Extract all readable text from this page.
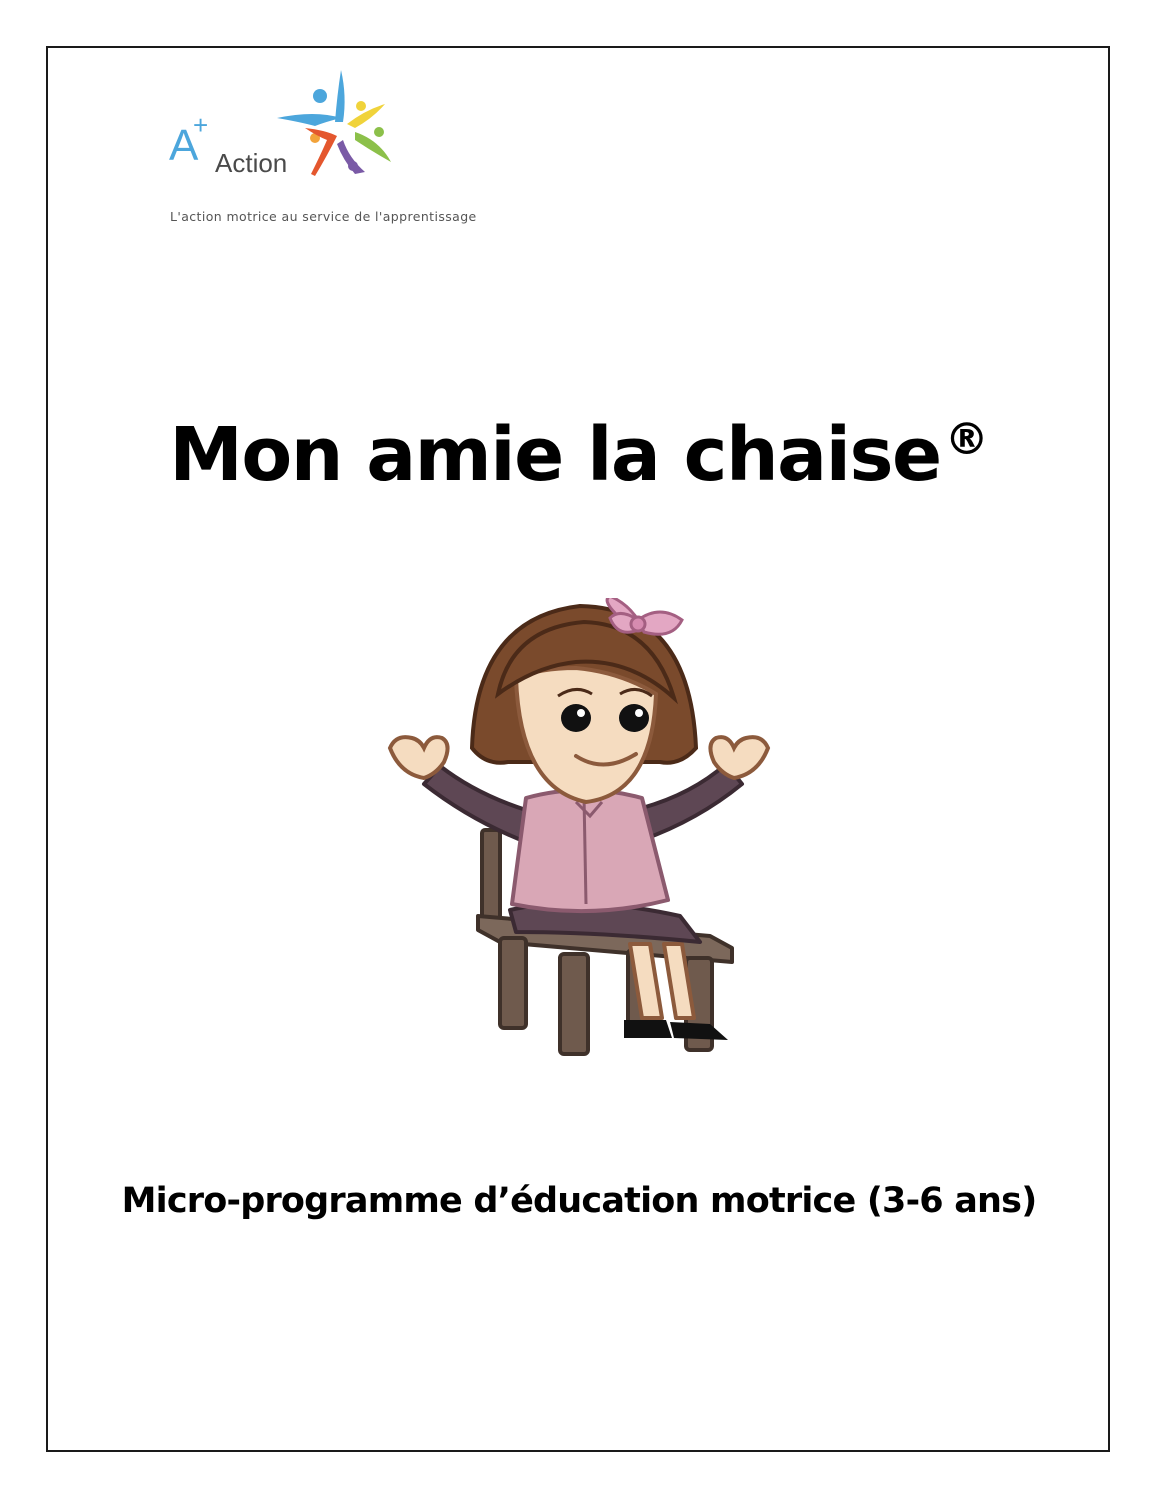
A
+
Action
L'action motrice au service de l'apprentissage
Mon amie la chaise®
Micro-programme d’éducation motrice (3-6 ans)
